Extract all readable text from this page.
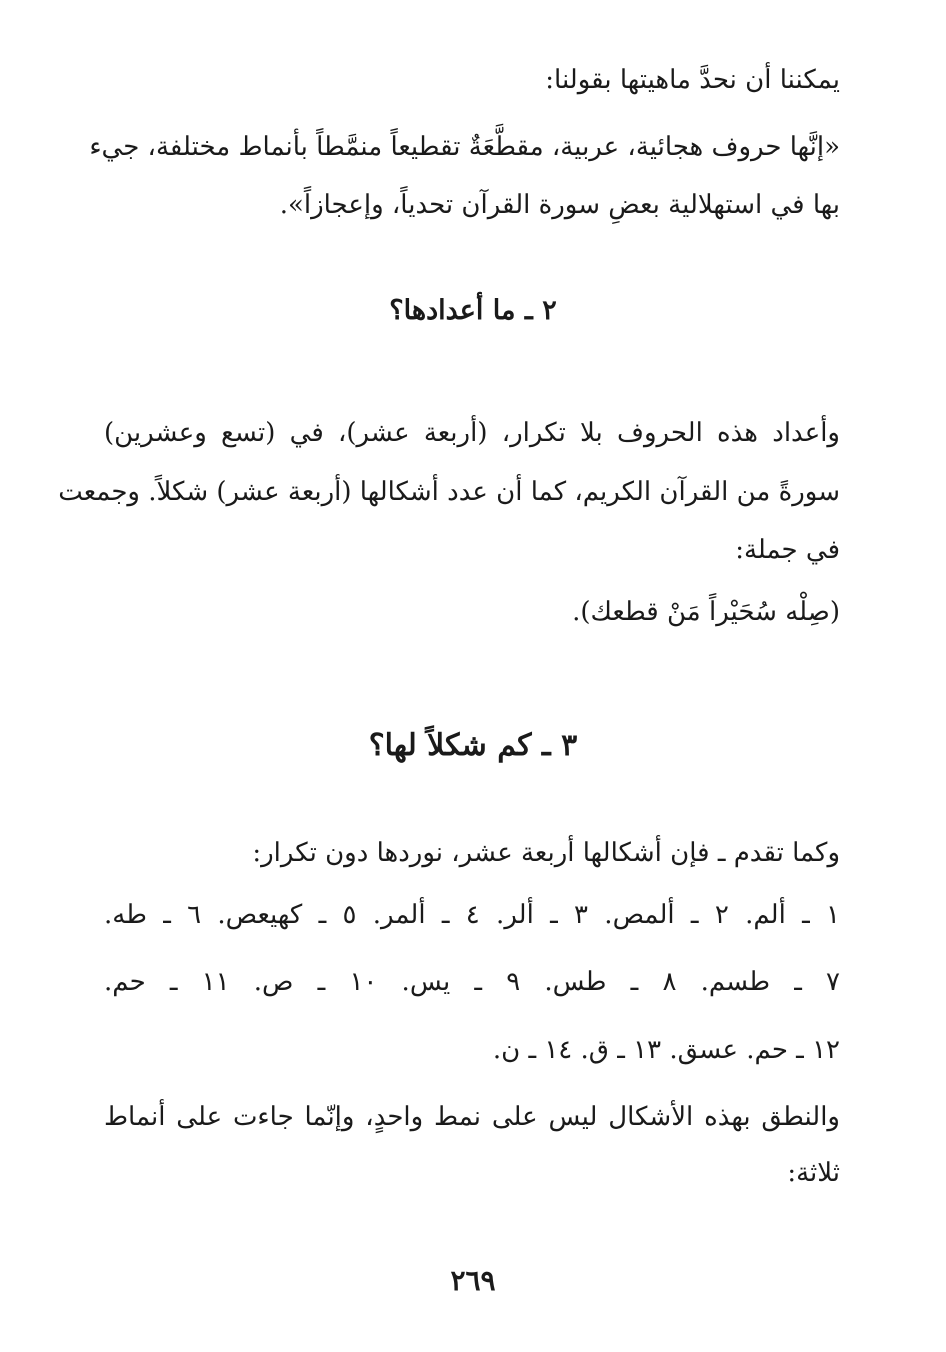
يمكننا أن نحدَّ ماهيتها بقولنا:
«إنَّها حروف هجائية، عربية، مقطَّعَةٌ تقطيعاً منمَّطاً بأنماط مختلفة، جيء
بها في استهلالية بعضِ سورة القرآن تحدياً، وإعجازاً».
٢ ـ ما أعدادها؟
وأعداد هذه الحروف بلا تكرار، (أربعة عشر)، في (تسع وعشرين)
سورةً من القرآن الكريم، كما أن عدد أشكالها (أربعة عشر) شكلاً. وجمعت
في جملة:
(صِلْه سُحَيْراً مَنْ قطعك).
٣ ـ كم شكلاً لها؟
وكما تقدم ـ فإن أشكالها أربعة عشر، نوردها دون تكرار:
١ ـ ألم. ٢ ـ ألمص. ٣ ـ ألر. ٤ ـ ألمر. ٥ ـ كهيعص. ٦ ـ طه.
٧ ـ طسم. ٨ ـ طس. ٩ ـ يس. ١٠ ـ ص. ١١ ـ حم.
١٢ ـ حم. عسق. ١٣ ـ ق. ١٤ ـ ن.
والنطق بهذه الأشكال ليس على نمط واحدٍ، وإنّما جاءت على أنماط
ثلاثة:
٢٦٩
